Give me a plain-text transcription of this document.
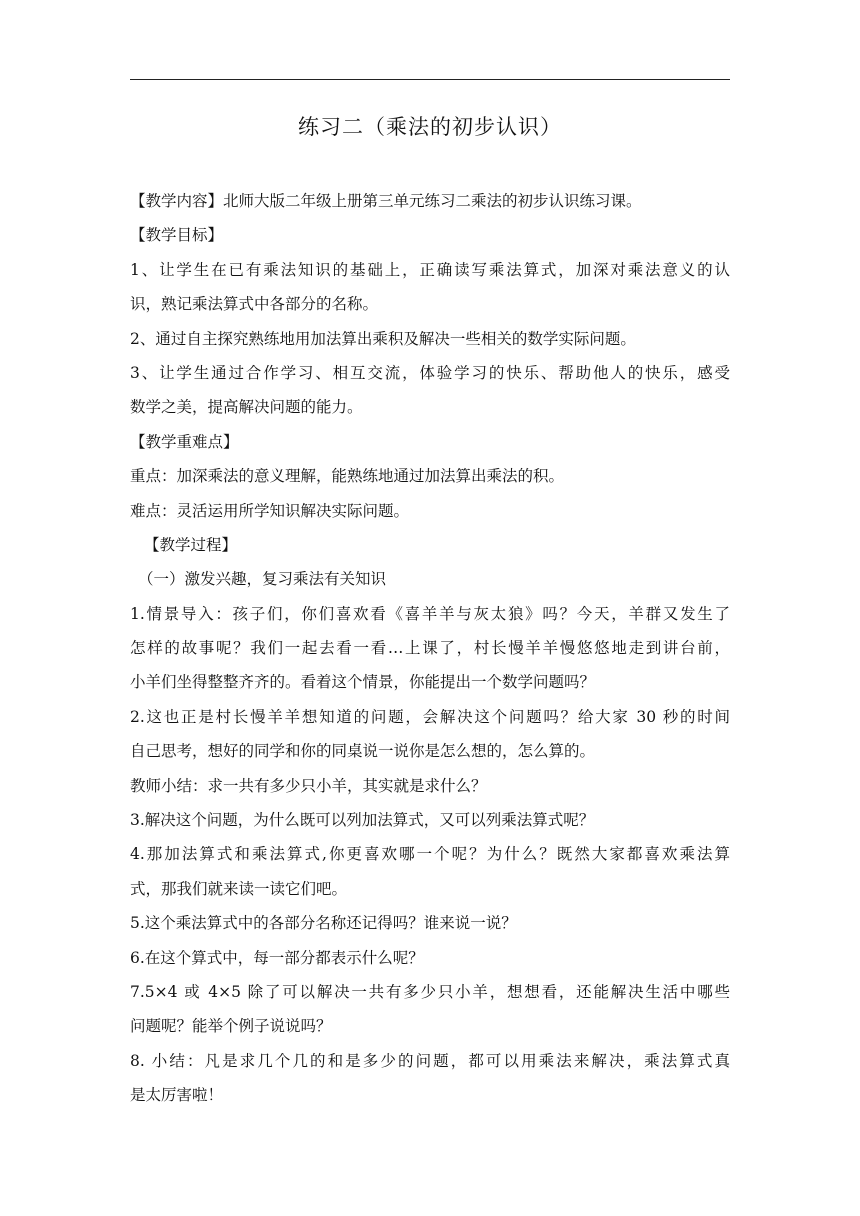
练习二（乘法的初步认识）
【教学内容】北师大版二年级上册第三单元练习二乘法的初步认识练习课。
【教学目标】
1、让学生在已有乘法知识的基础上，正确读写乘法算式，加深对乘法意义的认
识，熟记乘法算式中各部分的名称。
2、通过自主探究熟练地用加法算出乘积及解决一些相关的数学实际问题。
3、让学生通过合作学习、相互交流，体验学习的快乐、帮助他人的快乐，感受
数学之美，提高解决问题的能力。
【教学重难点】
重点：加深乘法的意义理解，能熟练地通过加法算出乘法的积。
难点：灵活运用所学知识解决实际问题。
【教学过程】
（一）激发兴趣，复习乘法有关知识
1.情景导入：孩子们，你们喜欢看《喜羊羊与灰太狼》吗？今天，羊群又发生了
怎样的故事呢？我们一起去看一看…上课了，村长慢羊羊慢悠悠地走到讲台前，
小羊们坐得整整齐齐的。看着这个情景，你能提出一个数学问题吗？
2.这也正是村长慢羊羊想知道的问题，会解决这个问题吗？给大家 30 秒的时间
自己思考，想好的同学和你的同桌说一说你是怎么想的，怎么算的。
教师小结：求一共有多少只小羊，其实就是求什么？
3.解决这个问题，为什么既可以列加法算式，又可以列乘法算式呢？
4.那加法算式和乘法算式,你更喜欢哪一个呢？为什么？既然大家都喜欢乘法算
式，那我们就来读一读它们吧。
5.这个乘法算式中的各部分名称还记得吗？谁来说一说？
6.在这个算式中，每一部分都表示什么呢？
7.5×4 或 4×5 除了可以解决一共有多少只小羊，想想看，还能解决生活中哪些
问题呢？能举个例子说说吗？
8. 小结：凡是求几个几的和是多少的问题，都可以用乘法来解决，乘法算式真
是太厉害啦！
